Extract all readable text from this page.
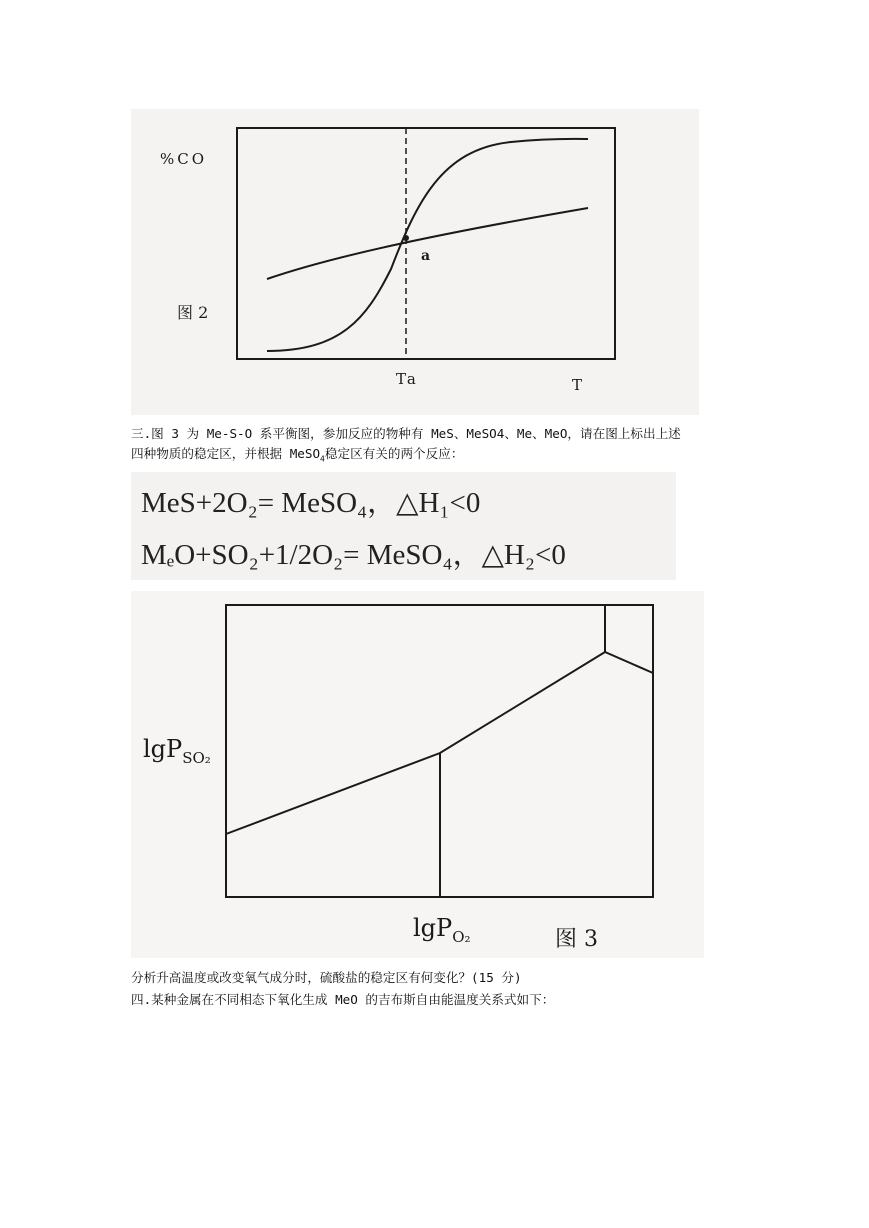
%CO
a
图 2
Ta	T
三.图 3 为 Me-S-O 系平衡图，参加反应的物种有 MeS、MeSO4、Me、MeO，请在图上标出上述
四种物质的稳定区，并根据 MeSO$_4$稳定区有关的两个反应：
MeS+2O₂= MeSO₄，△H₁<0
MₑO+SO₂+1/2O₂= MeSO₄，△H₂<0
lgP$_{SO_2}$
lgP$_{O_2}$	图 3
分析升高温度或改变氧气成分时，硫酸盐的稳定区有何变化？(15 分)
四.某种金属在不同相态下氧化生成 MeO 的吉布斯自由能温度关系式如下：
